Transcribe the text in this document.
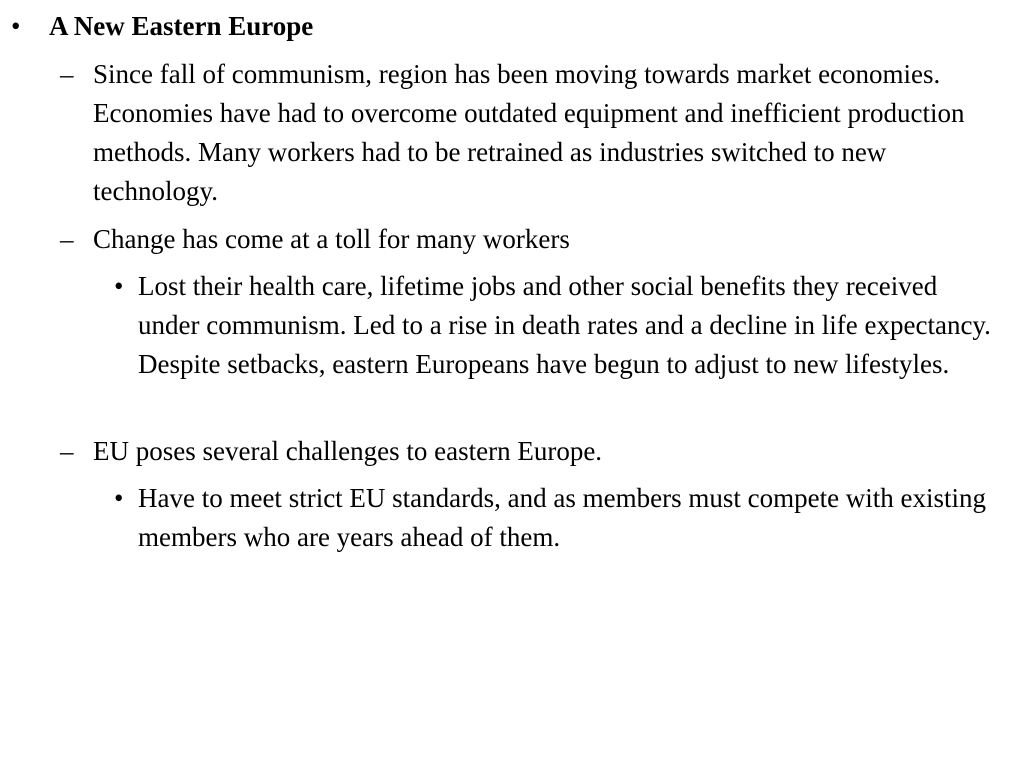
• A New Eastern Europe
– Since fall of communism, region has been moving towards market economies. Economies have had to overcome outdated equipment and inefficient production methods. Many workers had to be retrained as industries switched to new technology.
– Change has come at a toll for many workers
• Lost their health care, lifetime jobs and other social benefits they received under communism. Led to a rise in death rates and a decline in life expectancy. Despite setbacks, eastern Europeans have begun to adjust to new lifestyles.
– EU poses several challenges to eastern Europe.
• Have to meet strict EU standards, and as members must compete with existing members who are years ahead of them.
